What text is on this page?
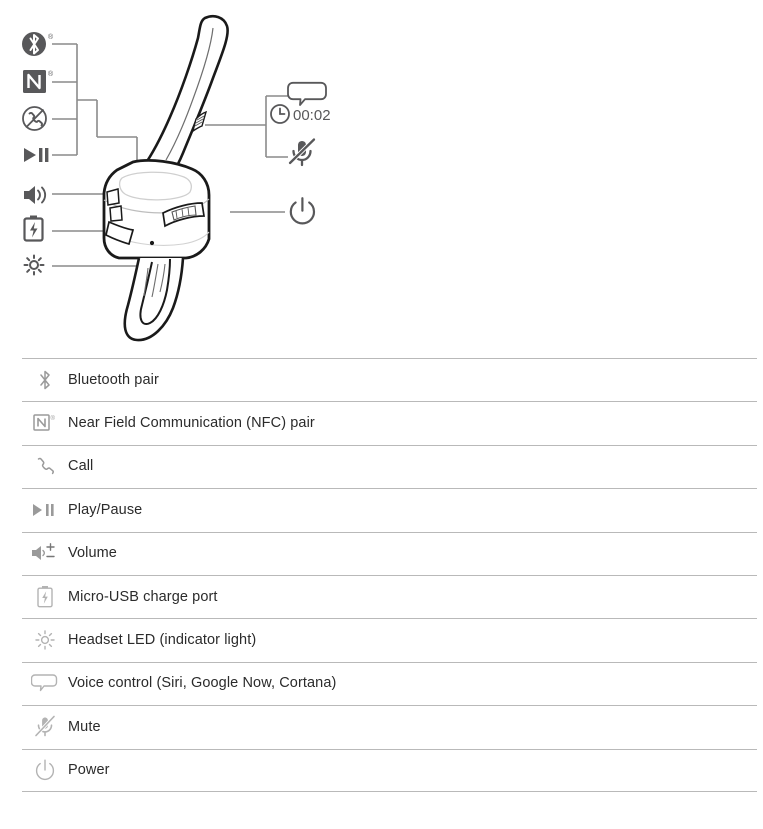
®
®
00:02
Bluetooth pair
® Near Field Communication (NFC) pair
Call
Play/Pause
Volume
Micro-USB charge port
Headset LED (indicator light)
Voice control (Siri, Google Now, Cortana)
Mute
Power
